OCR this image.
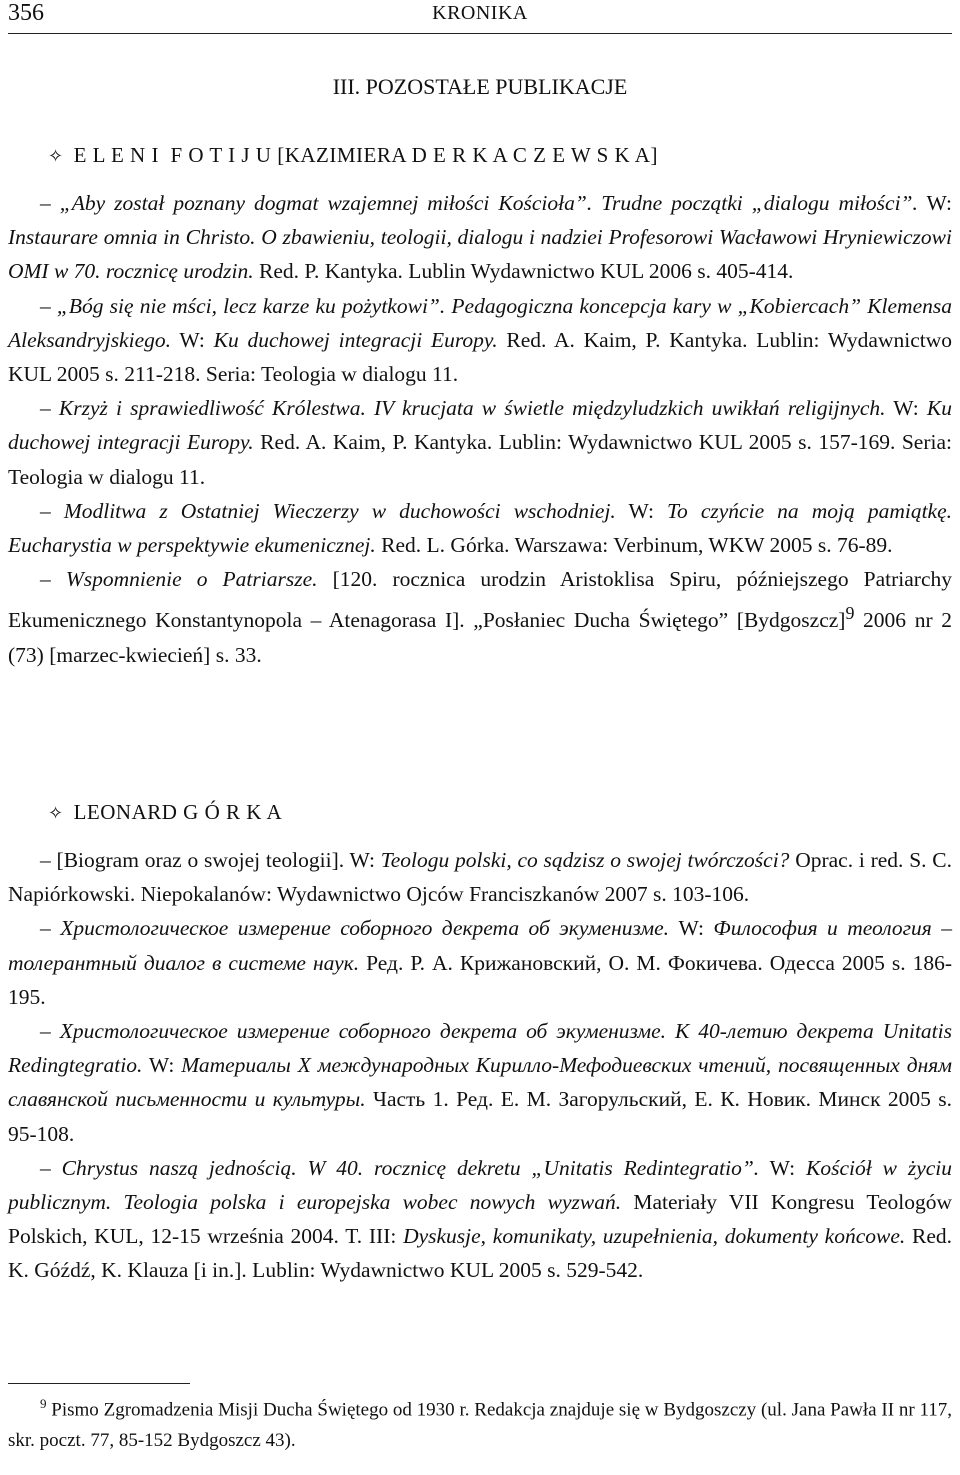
356	KRONIKA
III. POZOSTAŁE PUBLIKACJE
✧ E L E N I F O T I J U [KAZIMIERA D E R K A C Z E W S K A]

– „Aby został poznany dogmat wzajemnej miłości Kościoła”. Trudne początki „dialogu miłości”. W: Instaurare omnia in Christo. O zbawieniu, teologii, dialogu i nadziei Profesorowi Wacławowi Hryniewiczowi OMI w 70. rocznicę urodzin. Red. P. Kantyka. Lublin Wydawnictwo KUL 2006 s. 405-414.

– „Bóg się nie mści, lecz karze ku pożytkowi”. Pedagogiczna koncepcja kary w „Kobiercach” Klemensa Aleksandryjskiego. W: Ku duchowej integracji Europy. Red. A. Kaim, P. Kantyka. Lublin: Wydawnictwo KUL 2005 s. 211-218. Seria: Teologia w dialogu 11.

– Krzyż i sprawiedliwość Królestwa. IV krucjata w świetle międzyludzkich uwikłań religijnych. W: Ku duchowej integracji Europy. Red. A. Kaim, P. Kantyka. Lublin: Wydawnictwo KUL 2005 s. 157-169. Seria: Teologia w dialogu 11.

– Modlitwa z Ostatniej Wieczerzy w duchowości wschodniej. W: To czyńcie na moją pamiątkę. Eucharystia w perspektywie ekumenicznej. Red. L. Górka. Warszawa: Verbinum, WKW 2005 s. 76-89.

– Wspomnienie o Patriarsze. [120. rocznica urodzin Aristoklisa Spiru, późniejszego Patriarchy Ekumenicznego Konstantynopola – Atenagorasa I]. „Posłaniec Ducha Świętego” [Bydgoszcz]$^9$ 2006 nr 2 (73) [marzec-kwiecień] s. 33.

✧ LEONARD G Ó R K A

– [Biogram oraz o swojej teologii]. W: Teologu polski, co sądzisz o swojej twórczości? Oprac. i red. S. C. Napiórkowski. Niepokalanów: Wydawnictwo Ojców Franciszkanów 2007 s. 103-106.

– Христологическое измерение соборного декрета об экуменизме. W: Философия и теология – толерантный диалог в системе наук. Ред. Р. А. Крижановский, О. М. Фокичева. Одесса 2005 s. 186-195.

– Христологическое измерение соборного декрета об экуменизме. К 40-летию декрета Unitatis Redingtegratio. W: Материалы X международных Кирилло-Мефодиевских чтений, посвященных дням славянской письменности и культуры. Часть 1. Ред. Е. М. Загорульский, Е. К. Новик. Минск 2005 s. 95-108.

– Chrystus naszą jednością. W 40. rocznicę dekretu „Unitatis Redintegratio”. W: Kościół w życiu publicznym. Teologia polska i europejska wobec nowych wyzwań. Materiały VII Kongresu Teologów Polskich, KUL, 12-15 września 2004. T. III: Dyskusje, komunikaty, uzupełnienia, dokumenty końcowe. Red. K. Góźdź, K. Klauza [i in.]. Lublin: Wydawnictwo KUL 2005 s. 529-542.

$^9$ Pismo Zgromadzenia Misji Ducha Świętego od 1930 r. Redakcja znajduje się w Bydgoszczy (ul. Jana Pawła II nr 117, skr. poczt. 77, 85-152 Bydgoszcz 43).
